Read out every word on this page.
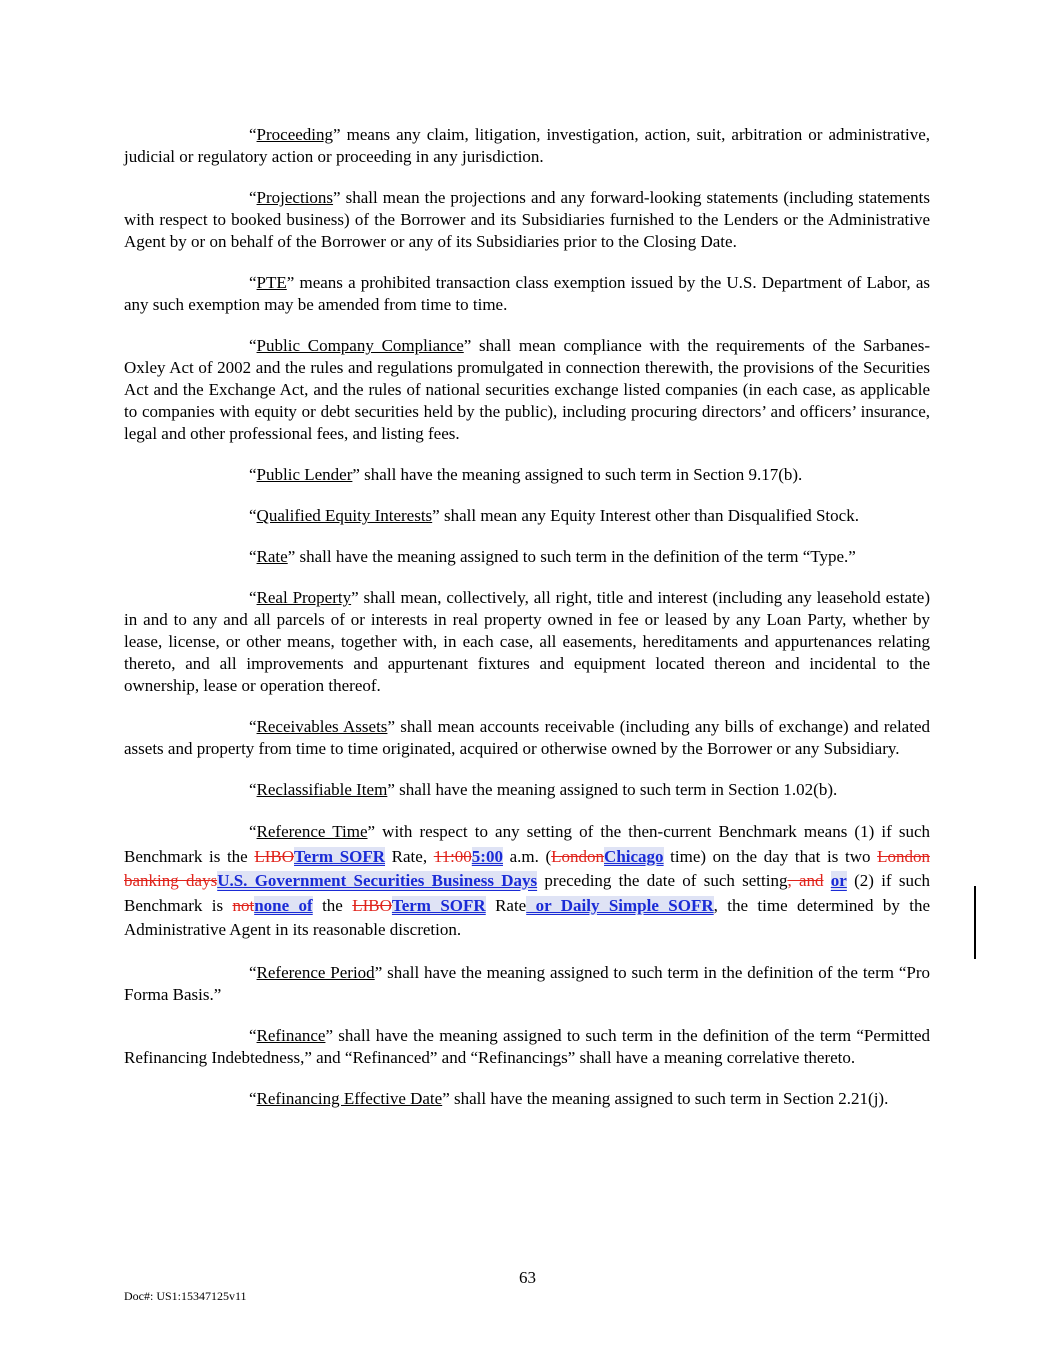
“Proceeding” means any claim, litigation, investigation, action, suit, arbitration or administrative, judicial or regulatory action or proceeding in any jurisdiction.

“Projections” shall mean the projections and any forward-looking statements (including statements with respect to booked business) of the Borrower and its Subsidiaries furnished to the Lenders or the Administrative Agent by or on behalf of the Borrower or any of its Subsidiaries prior to the Closing Date.

“PTE” means a prohibited transaction class exemption issued by the U.S. Department of Labor, as any such exemption may be amended from time to time.

“Public Company Compliance” shall mean compliance with the requirements of the Sarbanes-Oxley Act of 2002 and the rules and regulations promulgated in connection therewith, the provisions of the Securities Act and the Exchange Act, and the rules of national securities exchange listed companies (in each case, as applicable to companies with equity or debt securities held by the public), including procuring directors’ and officers’ insurance, legal and other professional fees, and listing fees.

“Public Lender” shall have the meaning assigned to such term in Section 9.17(b).

“Qualified Equity Interests” shall mean any Equity Interest other than Disqualified Stock.

“Rate” shall have the meaning assigned to such term in the definition of the term “Type.”

“Real Property” shall mean, collectively, all right, title and interest (including any leasehold estate) in and to any and all parcels of or interests in real property owned in fee or leased by any Loan Party, whether by lease, license, or other means, together with, in each case, all easements, hereditaments and appurtenances relating thereto, and all improvements and appurtenant fixtures and equipment located thereon and incidental to the ownership, lease or operation thereof.

“Receivables Assets” shall mean accounts receivable (including any bills of exchange) and related assets and property from time to time originated, acquired or otherwise owned by the Borrower or any Subsidiary.

“Reclassifiable Item” shall have the meaning assigned to such term in Section 1.02(b).

“Reference Time” with respect to any setting of the then-current Benchmark means (1) if such Benchmark is the LIBOTerm SOFR Rate, 11:005:00 a.m. (LondonChicago time) on the day that is two London banking daysU.S. Government Securities Business Days preceding the date of such setting, and or (2) if such Benchmark is notnone of the LIBOTerm SOFR Rate or Daily Simple SOFR, the time determined by the Administrative Agent in its reasonable discretion.

“Reference Period” shall have the meaning assigned to such term in the definition of the term “Pro Forma Basis.”

“Refinance” shall have the meaning assigned to such term in the definition of the term “Permitted Refinancing Indebtedness,” and “Refinanced” and “Refinancings” shall have a meaning correlative thereto.

“Refinancing Effective Date” shall have the meaning assigned to such term in Section 2.21(j).

63
Doc#: US1:15347125v11
